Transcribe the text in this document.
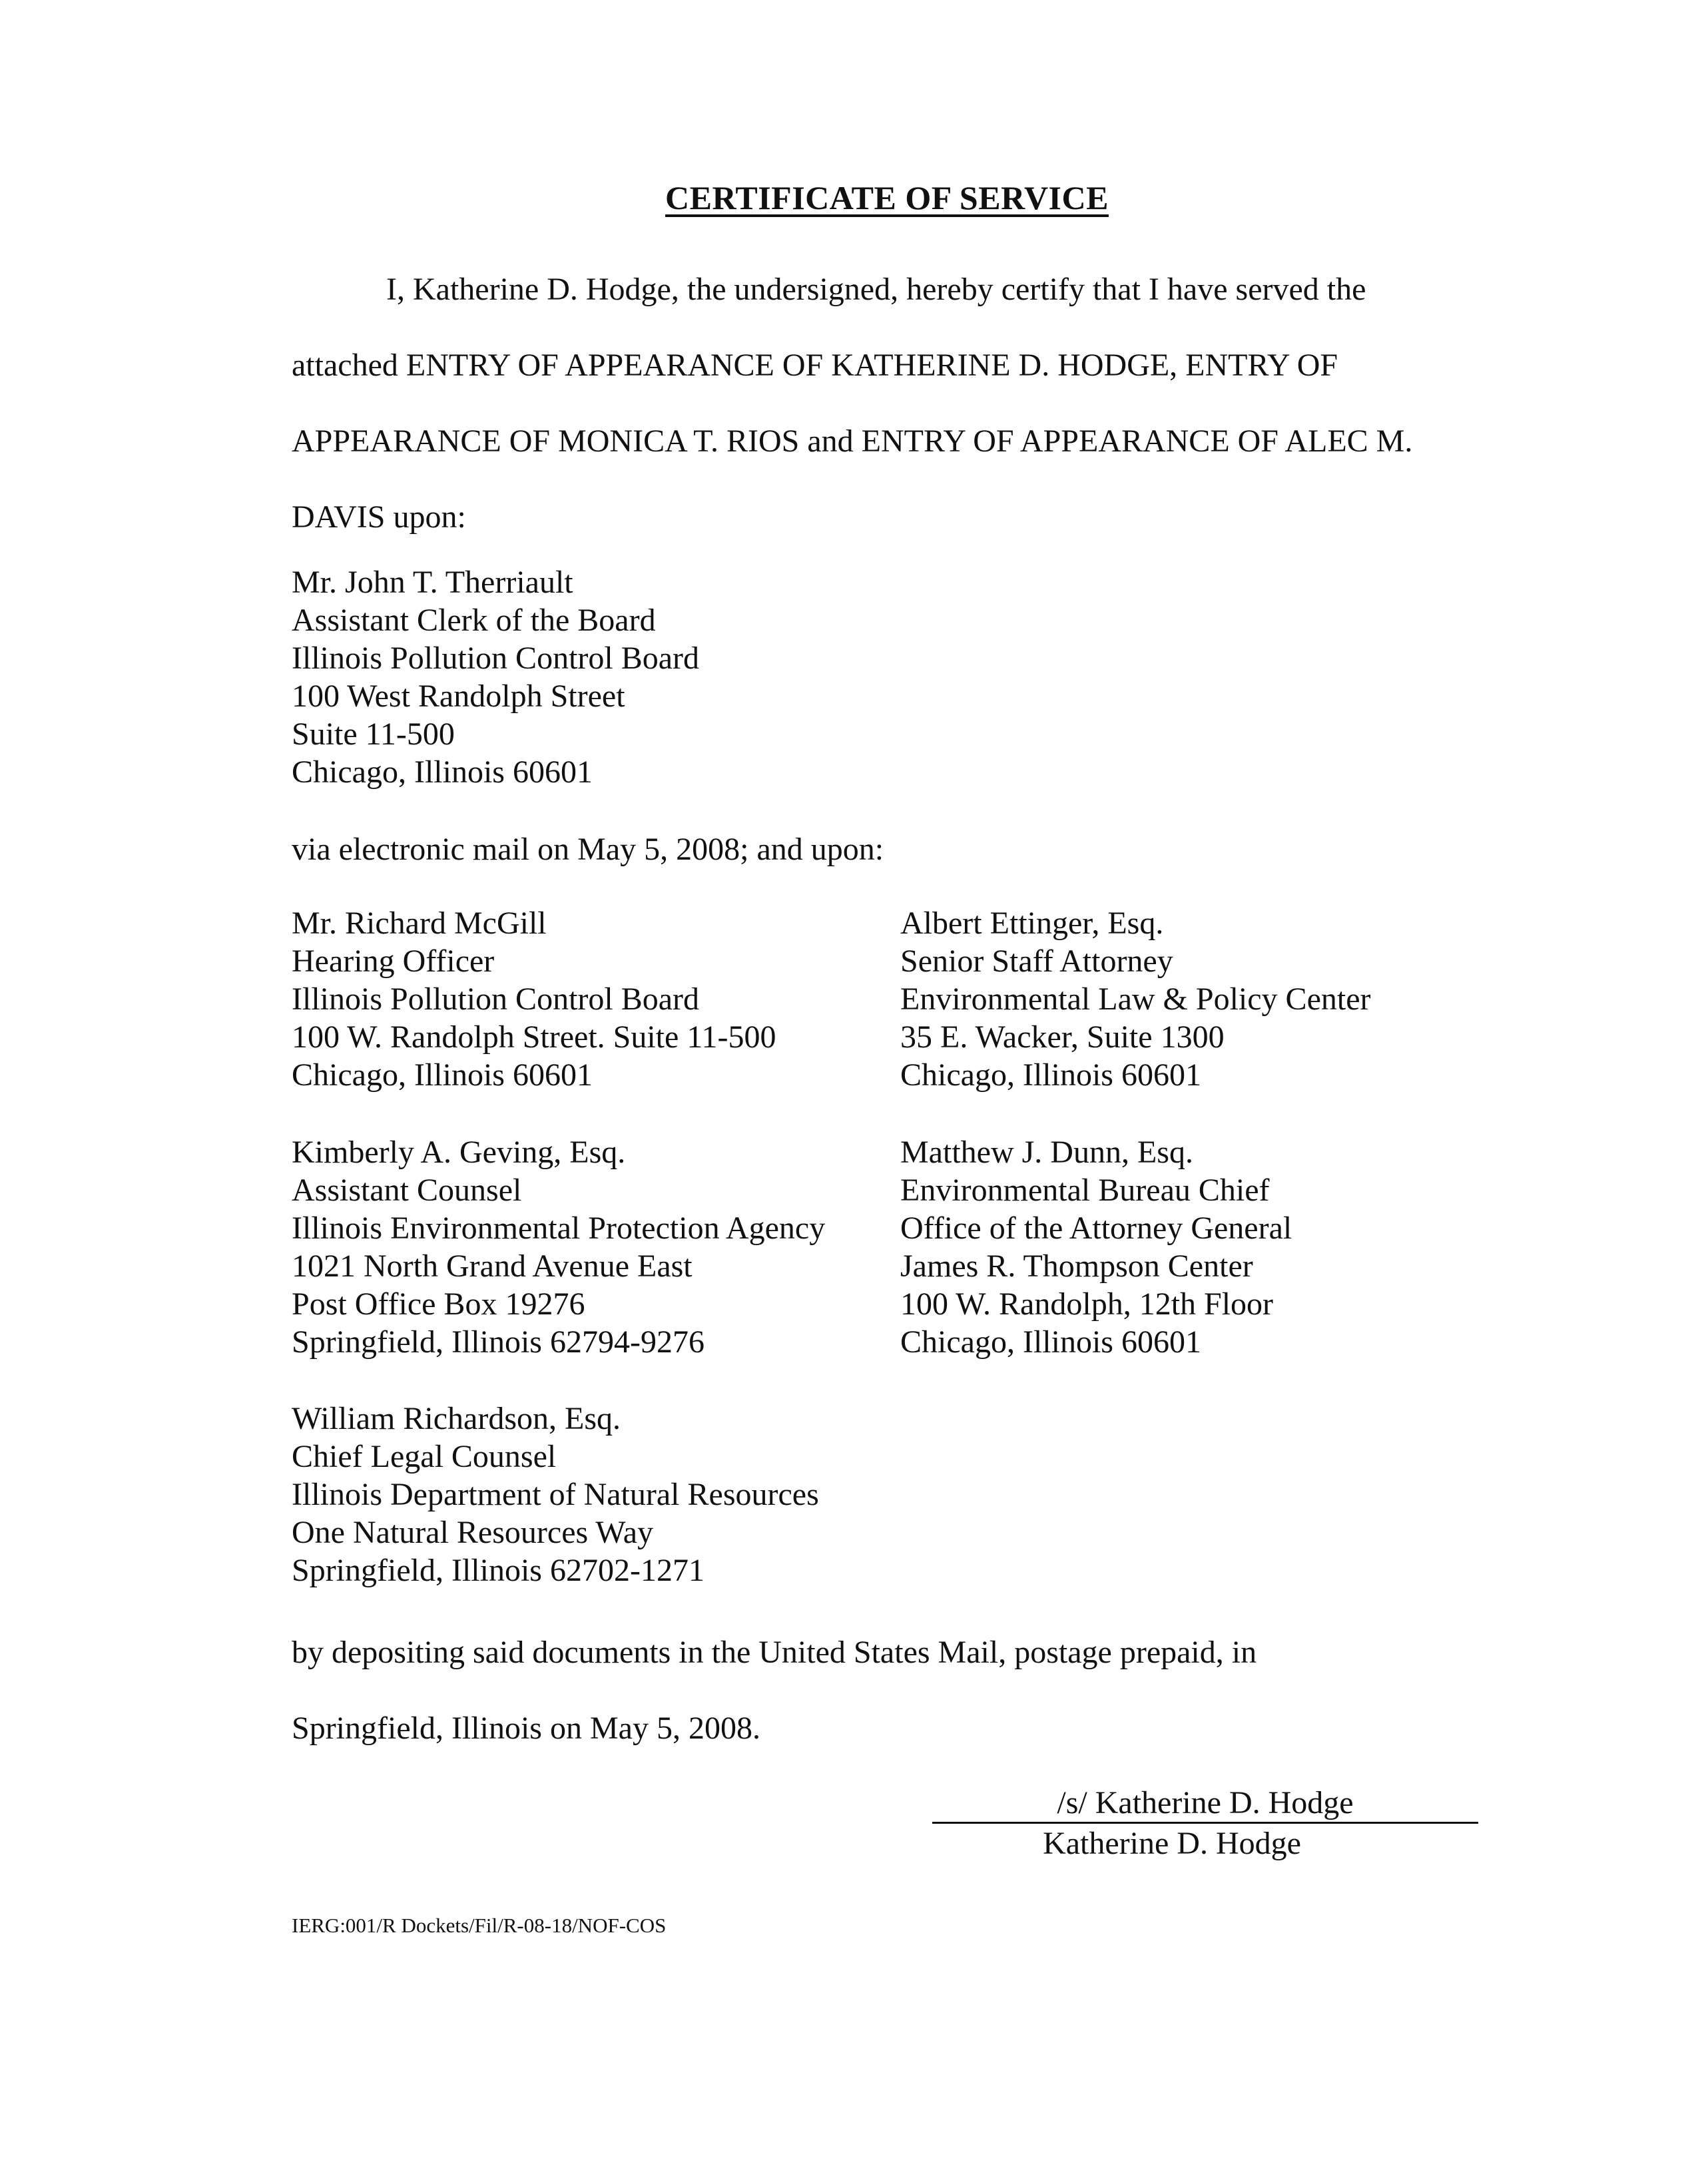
CERTIFICATE OF SERVICE
I, Katherine D. Hodge, the undersigned, hereby certify that I have served the
attached ENTRY OF APPEARANCE OF KATHERINE D. HODGE, ENTRY OF
APPEARANCE OF MONICA T. RIOS and ENTRY OF APPEARANCE OF ALEC M.
DAVIS upon:
Mr. John T. Therriault
Assistant Clerk of the Board
Illinois Pollution Control Board
100 West Randolph Street
Suite 11-500
Chicago, Illinois 60601
via electronic mail on May 5, 2008; and upon:
Mr. Richard McGill
Hearing Officer
Illinois Pollution Control Board
100 W. Randolph Street. Suite 11-500
Chicago, Illinois 60601
Albert Ettinger, Esq.
Senior Staff Attorney
Environmental Law & Policy Center
35 E. Wacker, Suite 1300
Chicago, Illinois 60601
Kimberly A. Geving, Esq.
Assistant Counsel
Illinois Environmental Protection Agency
1021 North Grand Avenue East
Post Office Box 19276
Springfield, Illinois 62794-9276
Matthew J. Dunn, Esq.
Environmental Bureau Chief
Office of the Attorney General
James R. Thompson Center
100 W. Randolph, 12th Floor
Chicago, Illinois 60601
William Richardson, Esq.
Chief Legal Counsel
Illinois Department of Natural Resources
One Natural Resources Way
Springfield, Illinois 62702-1271
by depositing said documents in the United States Mail, postage prepaid, in
Springfield, Illinois on May 5, 2008.
/s/ Katherine D. Hodge
Katherine D. Hodge
IERG:001/R Dockets/Fil/R-08-18/NOF-COS
